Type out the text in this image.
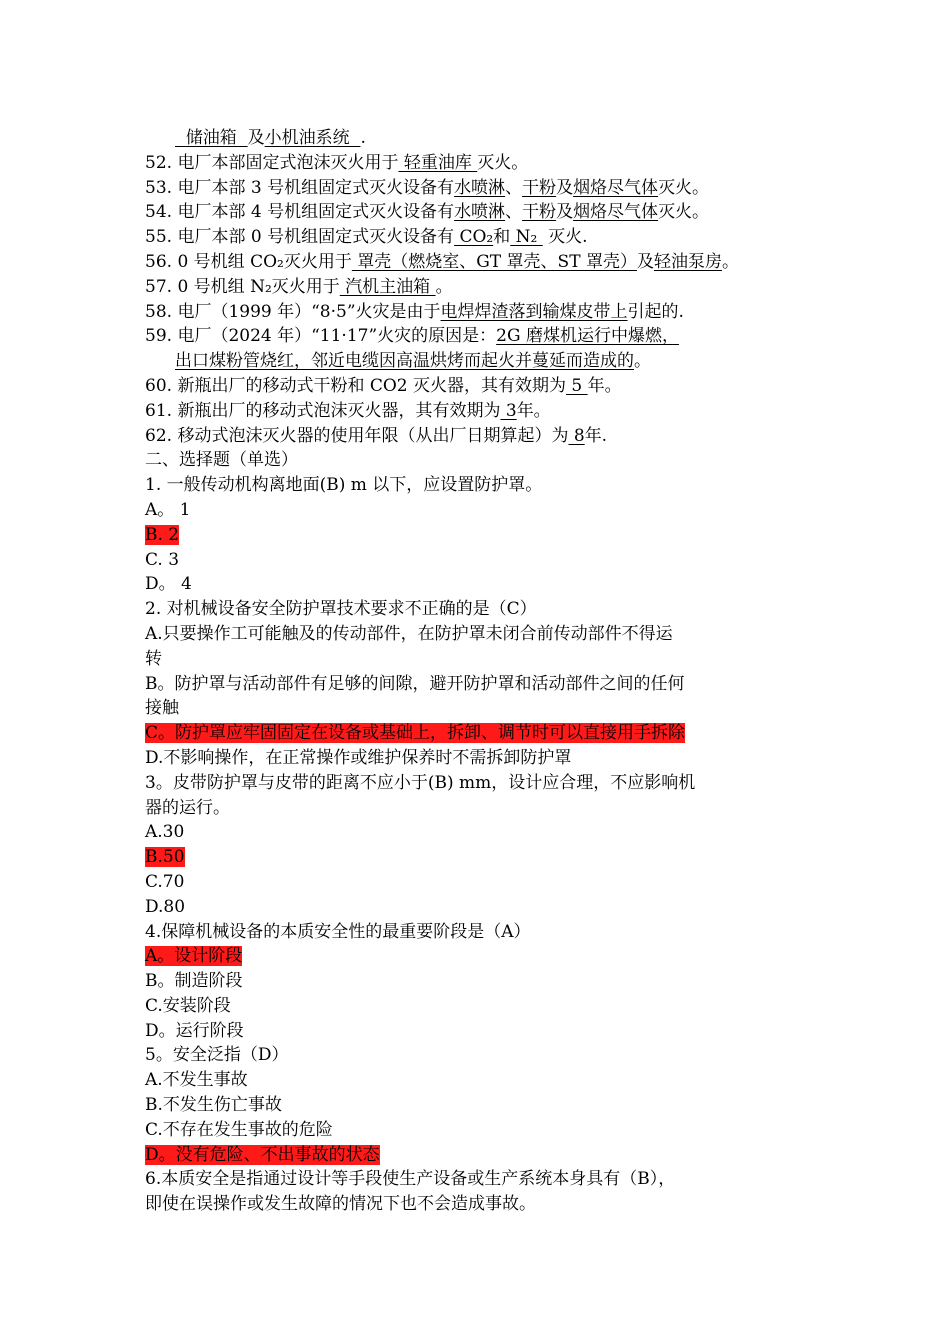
储油箱  及小机油系统  .
52. 电厂本部固定式泡沫灭火用于 轻重油库 灭火。
53. 电厂本部 3 号机组固定式灭火设备有水喷淋、干粉及烟烙尽气体灭火。
54. 电厂本部 4 号机组固定式灭火设备有水喷淋、干粉及烟烙尽气体灭火。
55. 电厂本部 0 号机组固定式灭火设备有 CO₂和 N₂  灭火.
56. 0 号机组 CO₂灭火用于 罩壳（燃烧室、GT 罩壳、ST 罩壳）及轻油泵房。
57. 0 号机组 N₂灭火用于 汽机主油箱 。
58. 电厂（1999 年）“8·5”火灾是由于电焊焊渣落到输煤皮带上引起的.
59. 电厂（2024 年）“11·17”火灾的原因是：2G 磨煤机运行中爆燃，
出口煤粉管烧红，邻近电缆因高温烘烤而起火并蔓延而造成的。
60. 新瓶出厂的移动式干粉和 CO2 灭火器，其有效期为 5 年。
61. 新瓶出厂的移动式泡沫灭火器，其有效期为 3年。
62. 移动式泡沫灭火器的使用年限（从出厂日期算起）为 8年.
二、选择题（单选）
1. 一般传动机构离地面(B) m 以下，应设置防护罩。
A。 1
B. 2
C. 3
D。 4
2. 对机械设备安全防护罩技术要求不正确的是（C）
A.只要操作工可能触及的传动部件，在防护罩未闭合前传动部件不得运
转
B。防护罩与活动部件有足够的间隙，避开防护罩和活动部件之间的任何
接触
C。防护罩应牢固固定在设备或基础上，拆卸、调节时可以直接用手拆除
D.不影响操作，在正常操作或维护保养时不需拆卸防护罩
3。皮带防护罩与皮带的距离不应小于(B) mm，设计应合理，不应影响机
器的运行。
A.30
B.50
C.70
D.80
4.保障机械设备的本质安全性的最重要阶段是（A）
A。设计阶段
B。制造阶段
C.安装阶段
D。运行阶段
5。安全泛指（D）
A.不发生事故
B.不发生伤亡事故
C.不存在发生事故的危险
D。没有危险、不出事故的状态
6.本质安全是指通过设计等手段使生产设备或生产系统本身具有（B），
即使在误操作或发生故障的情况下也不会造成事故。
